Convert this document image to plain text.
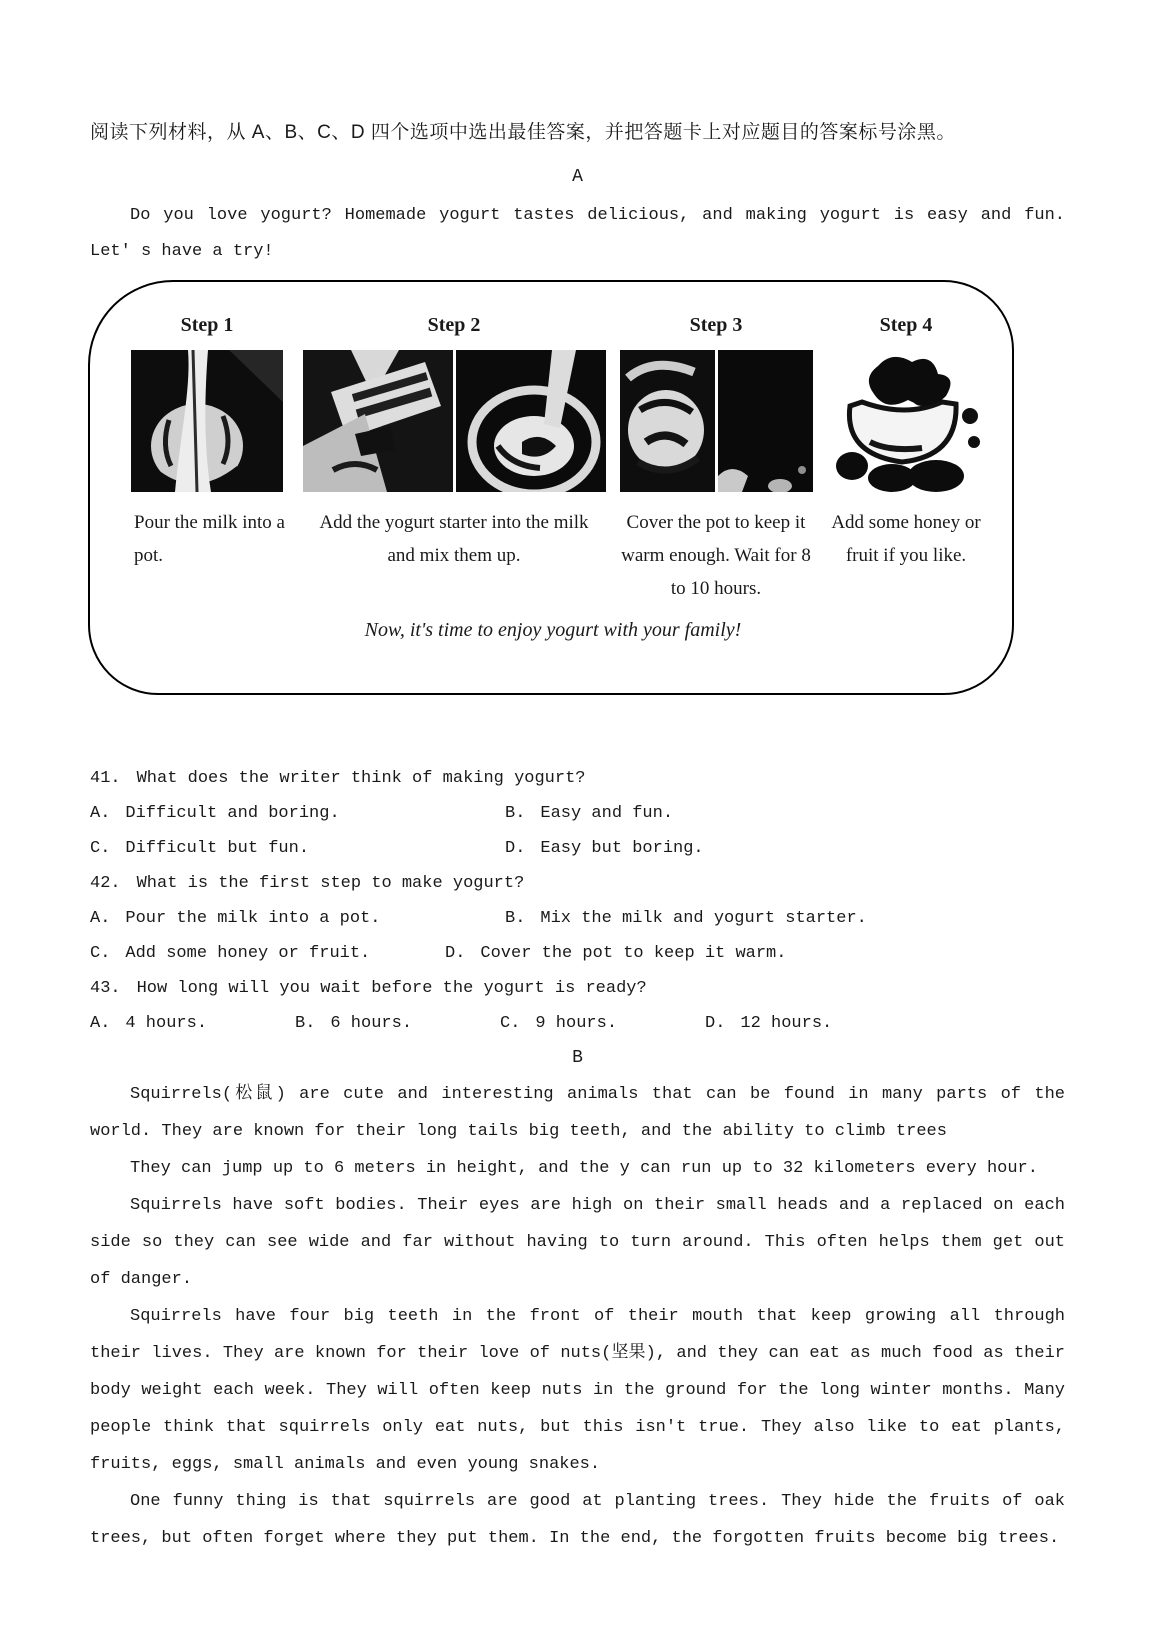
阅读下列材料，从 A、B、C、D 四个选项中选出最佳答案，并把答题卡上对应题目的答案标号涂黑。
A
Do you love yogurt? Homemade yogurt tastes delicious, and making yogurt is easy and fun. Let' s have a try!
Step 1
Pour the milk into a pot.
Step 2
Add the yogurt starter into the milk and mix them up.
Step 3
Cover the pot to keep it warm enough. Wait for 8 to 10 hours.
Step 4
Add some honey or fruit if you like.
Now, it's time to enjoy yogurt with your family!
41. What does the writer think of making yogurt?
A. Difficult and boring.	B. Easy and fun.
C. Difficult but fun.	D. Easy but boring.
42. What is the first step to make yogurt?
A. Pour the milk into a pot.	B. Mix the milk and yogurt starter.
C. Add some honey or fruit.	D. Cover the pot to keep it warm.
43. How long will you wait before the yogurt is ready?
A. 4 hours.	B. 6 hours.	C. 9 hours.	D. 12 hours.
B
Squirrels(松鼠) are cute and interesting animals that can be found in many parts of the world. They are known for their long tails big teeth, and the ability to climb trees
They can jump up to 6 meters in height, and the y can run up to 32 kilometers every hour.
Squirrels have soft bodies. Their eyes are high on their small heads and a replaced on each side so they can see wide and far without having to turn around. This often helps them get out of danger.
Squirrels have four big teeth in the front of their mouth that keep growing all through their lives. They are known for their love of nuts(坚果), and they can eat as much food as their body weight each week. They will often keep nuts in the ground for the long winter months. Many people think that squirrels only eat nuts, but this isn't true. They also like to eat plants, fruits, eggs, small animals and even young snakes.
One funny thing is that squirrels are good at planting trees. They hide the fruits of oak trees, but often forget where they put them. In the end, the forgotten fruits become big trees.
